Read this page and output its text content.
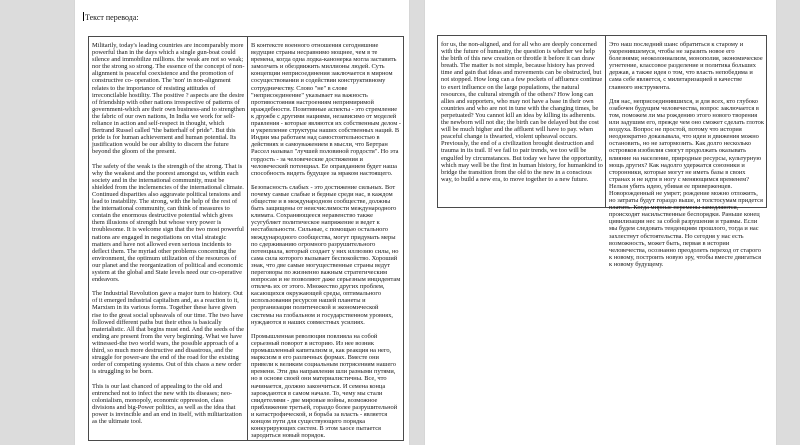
Текст перевода:

Militarily, today's leading countries are incomparably more powerful than in the days which a single gun-boat could silence and immobilize millions. the weak are not so weak; nor the strong so strong. The essence of the concept of non-alignment is peaceful coexistence and the promotion of constructive co- operation. The 'non' in non-alignment relates to the importance of resisting attitudes of irreconcilable hostility. The positive ? aspects are the desire of friendship with other nations irrespective of patterns of government-which are their own business-and to strengthen the fabric of our own nations, In India we work for self-reliance in action and self-respect in thought, which Bertrand Russel called "the batterhalf of pride". But this pride is for human achievement and human potential. Its justification would be our ability to discern the future beyond the gloom of the present.

The safety of the weak is the strength of the strong. That is why the weakest and the poorest amongst us, within each society and in the international community, must be shielded from the inclemencies of the international climate. Continued disparities also aggravate political tensions and lead to instability. The strong, with the help of the rest of the international community, can think of measures to contain the enormous destructive potential which gives them illusions of strength but whose very power is troublesome. It is welcome sign that the two most powerful nations are engaged in negotiations on vital strategic matters and have not allowed even serious incidents to deflect them. The myriad other problems concerning the environment, the optimum utilization of the resources of our planet and the reorganization of political and economic system at the global and State levels need our co-operative endeavors.

The Industrial Revolution gave a major turn to history. Out of it emerged industrial capitalism and, as a reaction to it, Marxism in its various forms. Together these have given rise to the great social upheavals of our time. The two have followed different paths but their ethos is basically materialistic. All that begins must end. And the seeds of the ending are present from the very beginning. What we have witnessed-the two world wars, the possible approach of a third, so much more destructive and disastrous, and the struggle for power-are the end of the road for the existing order of competing systems. Out of this chaos a new order is struggling to be born.

This is our last chanced of appealing to the old and entrenched not to infect the new with its diseases; neo-colonialism, monopoly, economic oppression, class divisions and big-Power politics, as well as the idea that power is invincible and an end in itself, with militarization as the ultimate tool.

В контексте военного отношения сегодняшние ведущие страны несравнимо мощнее, чем в те времена, когда одна лодка-канонерка могла заставить замолчать и обездвижить миллионы людей. Суть концепции неприсоединения заключается в мирном сосуществовании и содействии конструктивному сотрудничеству. Слово "не" в слове "неприсоединение" указывает на важность противостояния настроениям непримиримой враждебности. Позитивные аспекты - это стремление к дружбе с другими нациями, независимо от моделей правления - которые являются их собственным делом - и укрепление структуры наших собственных наций. В Индии мы работаем над самостоятельностью в действиях и самоуважением в мысли, что Бертран Рассел называл "лучшей половиной гордости". Но эта гордость - за человеческие достижения и человеческий потенциал. Ее оправданием будет наша способность видеть будущее за мраком настоящего.

Безопасность слабых - это достижение сильных. Вот почему самые слабые и бедные среди нас, в каждом обществе и в международном сообществе, должны быть защищены от неисчислимости международного климата. Сохраняющееся неравенство также усугубляет политическое напряжение и ведет к нестабильности. Сильные, с помощью остального международного сообщества, могут придумать меры по сдерживанию огромного разрушительного потенциала, который создает у них иллюзию силы, но сама сила которого вызывает беспокойство. Хороший знак, что две самые могущественные страны ведут переговоры по жизненно важным стратегическим вопросам и не позволяют даже серьезным инцидентам отвлечь их от этого. Множество других проблем, касающихся окружающей среды, оптимального использования ресурсов нашей планеты и реорганизации политической и экономической системы на глобальном и государственном уровнях, нуждаются в наших совместных усилиях.

Промышленная революция повлияла на собой серьезный поворот в историю. Из нее возник промышленный капитализм и, как реакция на него, марксизм в его различных формах. Вместе они привели к великим социальным потрясениям нашего времени. Эти два направления шли разными путями, но в основе своей они материалистичны. Все, что начинается, должно закончиться. И семена конца зарождаются в самом начале. То, чему мы стали свидетелями - две мировые войны, возможное приближение третьей, гораздо более разрушительной и катастрофической, и борьба за власть - является концом пути для существующего порядка конкурирующих систем. В этом хаосе пытается зародиться новый порядок.

for us, the non-aligned, and for all who are deeply concerned with the future of humanity, the question is whether we help the birth of this new creation or throttle it before it can draw breath. The matter is not simple, because history has proved time and gain that ideas and movements can be obstructed, but not stopped. How long can a few pockets of affluence continue to exert influence on the large populations, the natural resources, the cultural strength of the others? How long can allies and supporters, who may not have a base in their own countries and who are not in tune with the changing times, be perpetuated? You cannot kill an idea by killing its adherents. the newborn will not die; the birth can be delayed but the cost will be much higher and the affluent will have to pay. when peaceful change is thwarted, violent upheaval occurs. Previously, the end of a civilization brought destruction and trauma in its trail. If we fail to pair trends, we too will be engulfed by circumstances. But today we have the opportunity, which may well be the first in human history, for humankind to bridge the transition from the old to the new in a conscious way, to build a new era, to move together to a new future.

Это наш последний шанс обратиться к старому и укоренившемуся, чтобы не заразить новое его болезнями; неоколониализм, монополия, экономическое угнетение, классовое разделение и политика больших держав, а также идея о том, что власть непобедима и сама себе является, с милитаризацией в качестве главного инструмента.

Для нас, неприсоединившихся, и для всех, кто глубоко озабочен будущим человечества, вопрос заключается в том, поможем ли мы рождению этого нового творения или задушим его, прежде чем оно сможет сделать глоток воздуха. Вопрос не простой, потому что история неоднократно доказывала, что идеи и движения можно остановить, но не затормозить. Как долго несколько островков изобилия смогут продолжать оказывать влияние на население, природные ресурсы, культурную мощь других? Как надолго удержатся союзники и сторонники, которые могут не иметь базы в своих странах и не идти в ногу с меняющимся временем? Нельзя убить идею, убивая ее приверженцев. Новорожденный не умрет; рождение можно отложить, но затраты будут гораздо выше, и толстосумам придется платить. Когда мирные перемены замедляются, происходят насильственные беспорядки. Раньше конец цивилизации нес за собой разрушения и травмы. Если мы будем следовать тенденциям прошлого, тогда и нас захлестнут обстоятельства. Но сегодня у нас есть возможность, может быть, первая в истории человечества, осознанно преодолеть переход от старого к новому, построить новую эру, чтобы вместе двигаться к новому будущему.
